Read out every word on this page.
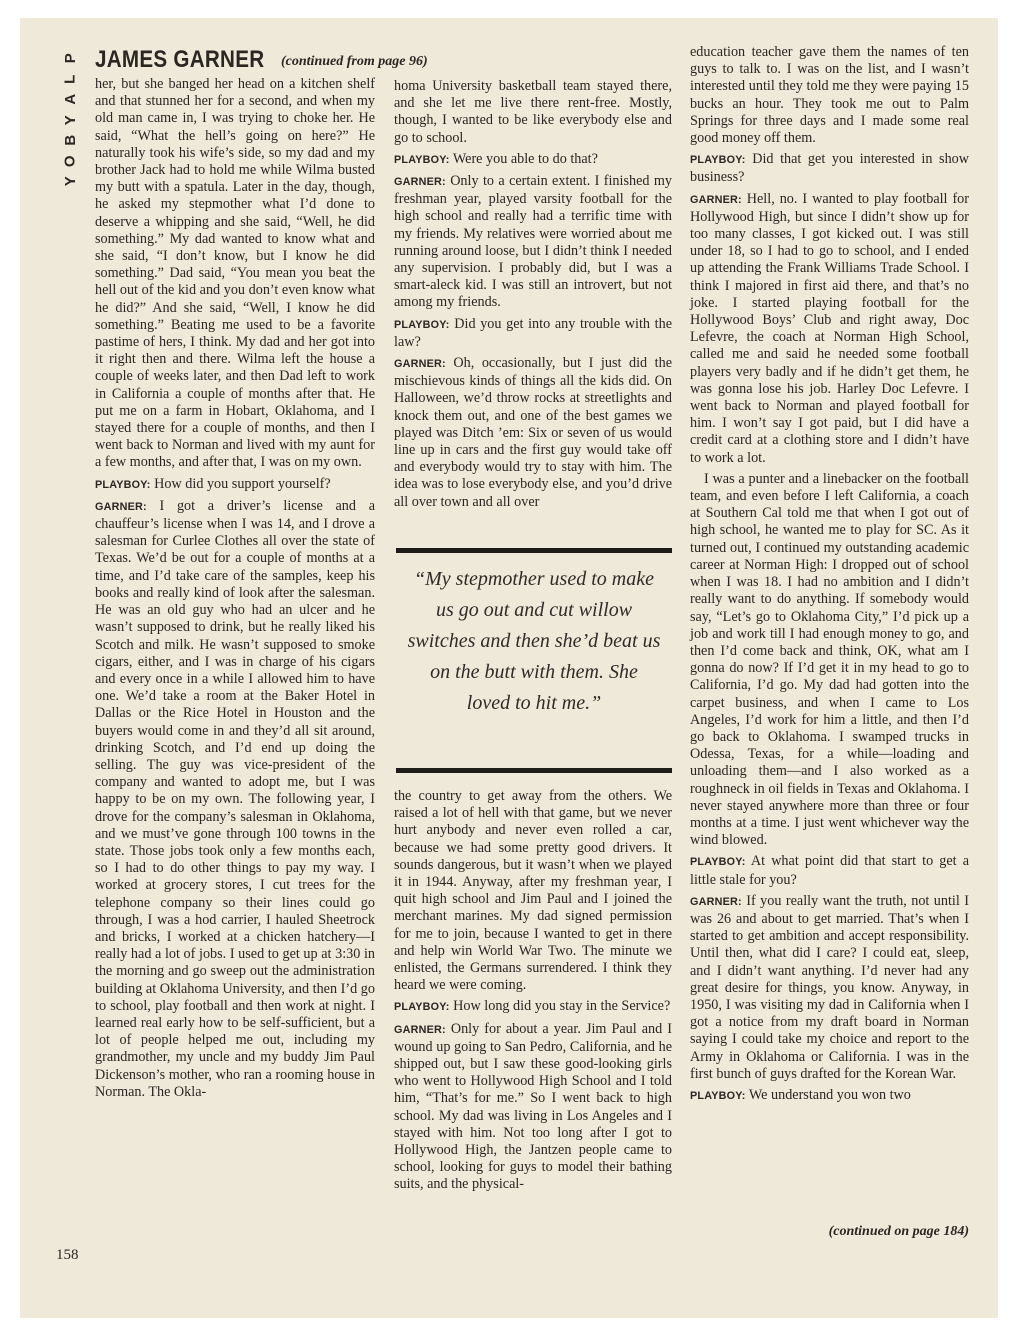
P
L
A
Y
B
O
Y
JAMES GARNER (continued from page 96)

her, but she banged her head on a kitchen shelf and that stunned her for a second, and when my old man came in, I was trying to choke her. He said, “What the hell’s going on here?” He naturally took his wife’s side, so my dad and my brother Jack had to hold me while Wilma busted my butt with a spatula. Later in the day, though, he asked my stepmother what I’d done to deserve a whipping and she said, “Well, he did something.” My dad wanted to know what and she said, “I don’t know, but I know he did something.” Dad said, “You mean you beat the hell out of the kid and you don’t even know what he did?” And she said, “Well, I know he did something.” Beating me used to be a favorite pastime of hers, I think. My dad and her got into it right then and there. Wilma left the house a couple of weeks later, and then Dad left to work in California a couple of months after that. He put me on a farm in Hobart, Oklahoma, and I stayed there for a couple of months, and then I went back to Norman and lived with my aunt for a few months, and after that, I was on my own.

PLAYBOY: How did you support yourself?

GARNER: I got a driver’s license and a chauffeur’s license when I was 14, and I drove a salesman for Curlee Clothes all over the state of Texas. We’d be out for a couple of months at a time, and I’d take care of the samples, keep his books and really kind of look after the salesman. He was an old guy who had an ulcer and he wasn’t supposed to drink, but he really liked his Scotch and milk. He wasn’t supposed to smoke cigars, either, and I was in charge of his cigars and every once in a while I allowed him to have one. We’d take a room at the Baker Hotel in Dallas or the Rice Hotel in Houston and the buyers would come in and they’d all sit around, drinking Scotch, and I’d end up doing the selling. The guy was vice-president of the company and wanted to adopt me, but I was happy to be on my own. The following year, I drove for the company’s salesman in Oklahoma, and we must’ve gone through 100 towns in the state. Those jobs took only a few months each, so I had to do other things to pay my way. I worked at grocery stores, I cut trees for the telephone company so their lines could go through, I was a hod carrier, I hauled Sheetrock and bricks, I worked at a chicken hatchery—I really had a lot of jobs. I used to get up at 3:30 in the morning and go sweep out the administration building at Oklahoma University, and then I’d go to school, play football and then work at night. I learned real early how to be self-sufficient, but a lot of people helped me out, including my grandmother, my uncle and my buddy Jim Paul Dickenson’s mother, who ran a rooming house in Norman. The Okla-

homa University basketball team stayed there, and she let me live there rent-free. Mostly, though, I wanted to be like everybody else and go to school.

PLAYBOY: Were you able to do that?

GARNER: Only to a certain extent. I finished my freshman year, played varsity football for the high school and really had a terrific time with my friends. My relatives were worried about me running around loose, but I didn’t think I needed any supervision. I probably did, but I was a smart-aleck kid. I was still an introvert, but not among my friends.

PLAYBOY: Did you get into any trouble with the law?

GARNER: Oh, occasionally, but I just did the mischievous kinds of things all the kids did. On Halloween, we’d throw rocks at streetlights and knock them out, and one of the best games we played was Ditch ’em: Six or seven of us would line up in cars and the first guy would take off and everybody would try to stay with him. The idea was to lose everybody else, and you’d drive all over town and all over

“My stepmother used to make us go out and cut willow switches and then she’d beat us on the butt with them. She loved to hit me.”

the country to get away from the others. We raised a lot of hell with that game, but we never hurt anybody and never even rolled a car, because we had some pretty good drivers. It sounds dangerous, but it wasn’t when we played it in 1944. Anyway, after my freshman year, I quit high school and Jim Paul and I joined the merchant marines. My dad signed permission for me to join, because I wanted to get in there and help win World War Two. The minute we enlisted, the Germans surrendered. I think they heard we were coming.

PLAYBOY: How long did you stay in the Service?

GARNER: Only for about a year. Jim Paul and I wound up going to San Pedro, California, and he shipped out, but I saw these good-looking girls who went to Hollywood High School and I told him, “That’s for me.” So I went back to high school. My dad was living in Los Angeles and I stayed with him. Not too long after I got to Hollywood High, the Jantzen people came to school, looking for guys to model their bathing suits, and the physical-

education teacher gave them the names of ten guys to talk to. I was on the list, and I wasn’t interested until they told me they were paying 15 bucks an hour. They took me out to Palm Springs for three days and I made some real good money off them.

PLAYBOY: Did that get you interested in show business?

GARNER: Hell, no. I wanted to play football for Hollywood High, but since I didn’t show up for too many classes, I got kicked out. I was still under 18, so I had to go to school, and I ended up attending the Frank Williams Trade School. I think I majored in first aid there, and that’s no joke. I started playing football for the Hollywood Boys’ Club and right away, Doc Lefevre, the coach at Norman High School, called me and said he needed some football players very badly and if he didn’t get them, he was gonna lose his job. Harley Doc Lefevre. I went back to Norman and played football for him. I won’t say I got paid, but I did have a credit card at a clothing store and I didn’t have to work a lot.

I was a punter and a linebacker on the football team, and even before I left California, a coach at Southern Cal told me that when I got out of high school, he wanted me to play for SC. As it turned out, I continued my outstanding academic career at Norman High: I dropped out of school when I was 18. I had no ambition and I didn’t really want to do anything. If somebody would say, “Let’s go to Oklahoma City,” I’d pick up a job and work till I had enough money to go, and then I’d come back and think, OK, what am I gonna do now? If I’d get it in my head to go to California, I’d go. My dad had gotten into the carpet business, and when I came to Los Angeles, I’d work for him a little, and then I’d go back to Oklahoma. I swamped trucks in Odessa, Texas, for a while—loading and unloading them—and I also worked as a roughneck in oil fields in Texas and Oklahoma. I never stayed anywhere more than three or four months at a time. I just went whichever way the wind blowed.

PLAYBOY: At what point did that start to get a little stale for you?

GARNER: If you really want the truth, not until I was 26 and about to get married. That’s when I started to get ambition and accept responsibility. Until then, what did I care? I could eat, sleep, and I didn’t want anything. I’d never had any great desire for things, you know. Anyway, in 1950, I was visiting my dad in California when I got a notice from my draft board in Norman saying I could take my choice and report to the Army in Oklahoma or California. I was in the first bunch of guys drafted for the Korean War.

PLAYBOY: We understand you won two

(continued on page 184)
158
